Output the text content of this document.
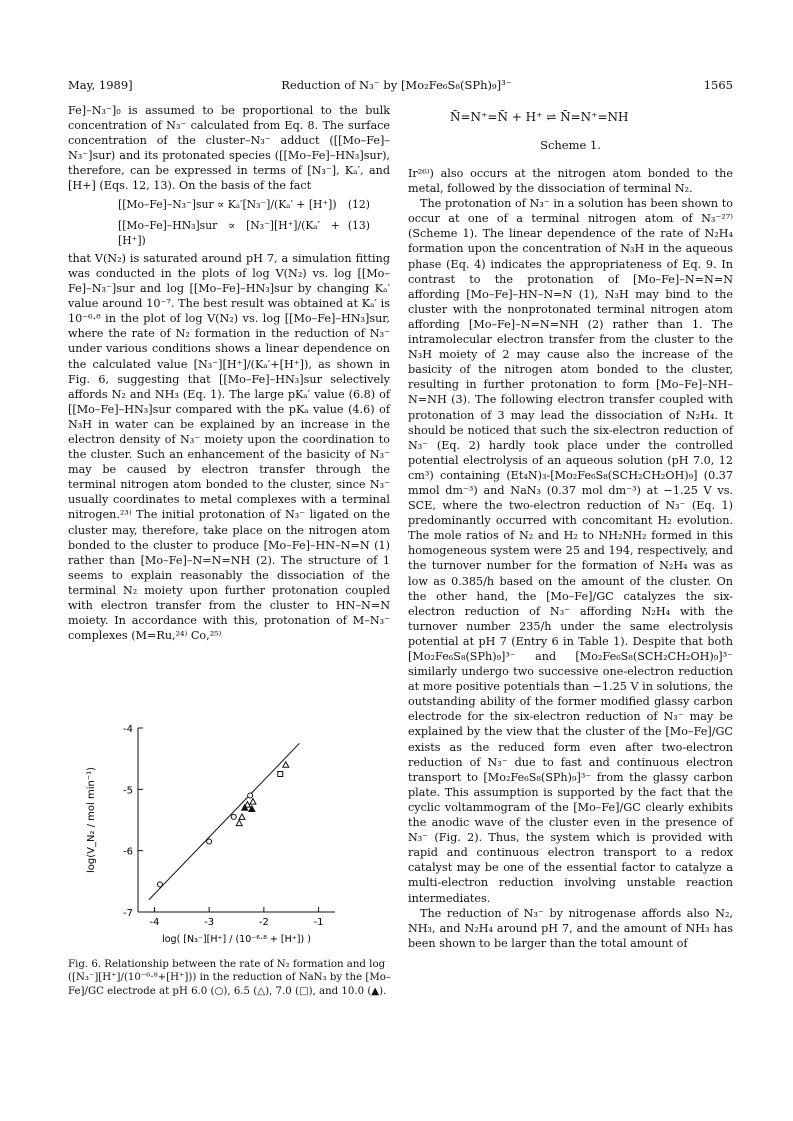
May, 1989]	Reduction of N₃⁻ by [Mo₂Fe₆S₈(SPh)₉]³⁻	1565

Fe]–N₃⁻]₀ is assumed to be proportional to the bulk concentration of N₃⁻ calculated from Eq. 8. The surface concentration of the cluster–N₃⁻ adduct ([[Mo–Fe]–N₃⁻]sur) and its protonated species ([[Mo–Fe]–HN₃]sur), therefore, can be expressed in terms of [N₃⁻], Kₐ′, and [H+] (Eqs. 12, 13). On the basis of the fact

[[Mo–Fe]–N₃⁻]sur ∝ Kₐ′[N₃⁻]/(Kₐ′ + [H⁺])	(12)
[[Mo–Fe]–HN₃]sur ∝ [N₃⁻][H⁺]/(Kₐ′ + [H⁺])
(13)

that V(N₂) is saturated around pH 7, a simulation fitting was conducted in the plots of log V(N₂) vs. log [[Mo–Fe]–N₃⁻]sur and log [[Mo–Fe]–HN₃]sur by changing Kₐ′ value around 10⁻⁷. The best result was obtained at Kₐ′ is 10⁻⁶·⁸ in the plot of log V(N₂) vs. log [[Mo–Fe]–HN₃]sur, where the rate of N₂ formation in the reduction of N₃⁻ under various conditions shows a linear dependence on the calculated value [N₃⁻][H⁺]/(Kₐ′+[H⁺]), as shown in Fig. 6, suggesting that [[Mo–Fe]–HN₃]sur selectively affords N₂ and NH₃ (Eq. 1). The large pKₐ′ value (6.8) of [[Mo–Fe]–HN₃]sur compared with the pKₐ value (4.6) of N₃H in water can be explained by an increase in the electron density of N₃⁻ moiety upon the coordination to the cluster. Such an enhancement of the basicity of N₃⁻ may be caused by electron transfer through the terminal nitrogen atom bonded to the cluster, since N₃⁻ usually coordinates to metal complexes with a terminal nitrogen.²³⁾ The initial protonation of N₃⁻ ligated on the cluster may, therefore, take place on the nitrogen atom bonded to the cluster to produce [Mo–Fe]–HN–N=N (1) rather than [Mo–Fe]–N=N=NH (2). The structure of 1 seems to explain reasonably the dissociation of the terminal N₂ moiety upon further protonation coupled with electron transfer from the cluster to HN–N=N moiety. In accordance with this, protonation of M–N₃⁻ complexes (M=Ru,²⁴⁾ Co,²⁵⁾

N̄=N⁺=N̄ + H⁺ ⇌ N̄=N⁺=NH
Scheme 1.

Ir²⁶⁾) also occurs at the nitrogen atom bonded to the metal, followed by the dissociation of terminal N₂.

The protonation of N₃⁻ in a solution has been shown to occur at one of a terminal nitrogen atom of N₃⁻²⁷⁾ (Scheme 1). The linear dependence of the rate of N₂H₄ formation upon the concentration of N₃H in the aqueous phase (Eq. 4) indicates the appropriateness of Eq. 9. In contrast to the protonation of [Mo–Fe]–N=N=N affording [Mo–Fe]–HN–N=N (1), N₃H may bind to the cluster with the nonprotonated terminal nitrogen atom affording [Mo–Fe]–N=N=NH (2) rather than 1. The intramolecular electron transfer from the cluster to the N₃H moiety of 2 may cause also the increase of the basicity of the nitrogen atom bonded to the cluster, resulting in further protonation to form [Mo–Fe]–NH–N=NH (3). The following electron transfer coupled with protonation of 3 may lead the dissociation of N₂H₄. It should be noticed that such the six-electron reduction of N₃⁻ (Eq. 2) hardly took place under the controlled potential electrolysis of an aqueous solution (pH 7.0, 12 cm³) containing (Et₄N)₃-[Mo₂Fe₆S₈(SCH₂CH₂OH)₉] (0.37 mmol dm⁻³) and NaN₃ (0.37 mol dm⁻³) at −1.25 V vs. SCE, where the two-electron reduction of N₃⁻ (Eq. 1) predominantly occurred with concomitant H₂ evolution. The mole ratios of N₂ and H₂ to NH₂NH₂ formed in this homogeneous system were 25 and 194, respectively, and the turnover number for the formation of N₂H₄ was as low as 0.385/h based on the amount of the cluster. On the other hand, the [Mo–Fe]/GC catalyzes the six-electron reduction of N₃⁻ affording N₂H₄ with the turnover number 235/h under the same electrolysis potential at pH 7 (Entry 6 in Table 1). Despite that both [Mo₂Fe₆S₈(SPh)₉]³⁻ and [Mo₂Fe₆S₈(SCH₂CH₂OH)₉]³⁻ similarly undergo two successive one-electron reduction at more positive potentials than −1.25 V in solutions, the outstanding ability of the former modified glassy carbon electrode for the six-electron reduction of N₃⁻ may be explained by the view that the cluster of the [Mo–Fe]/GC exists as the reduced form even after two-electron reduction of N₃⁻ due to fast and continuous electron transport to [Mo₂Fe₆S₈(SPh)₉]³⁻ from the glassy carbon plate. This assumption is supported by the fact that the cyclic voltammogram of the [Mo–Fe]/GC clearly exhibits the anodic wave of the cluster even in the presence of N₃⁻ (Fig. 2). Thus, the system which is provided with rapid and continuous electron transport to a redox catalyst may be one of the essential factor to catalyze a multi-electron reduction involving unstable reaction intermediates.

The reduction of N₃⁻ by nitrogenase affords also N₂, NH₃, and N₂H₄ around pH 7, and the amount of NH₃ has been shown to be larger than the total amount of

-4	-3	-2	-1
-4
-5
-6
-7
log(V_N₂ / mol min⁻¹)
log( [N₃⁻][H⁺] / (10⁻⁶·⁸ + [H⁺]) )
Fig. 6. Relationship between the rate of N₂ formation and log ([N₃⁻][H⁺]/(10⁻⁶·⁸+[H⁺])) in the reduction of NaN₃ by the [Mo–Fe]/GC electrode at pH 6.0 (○), 6.5 (△), 7.0 (□), and 10.0 (▲).
